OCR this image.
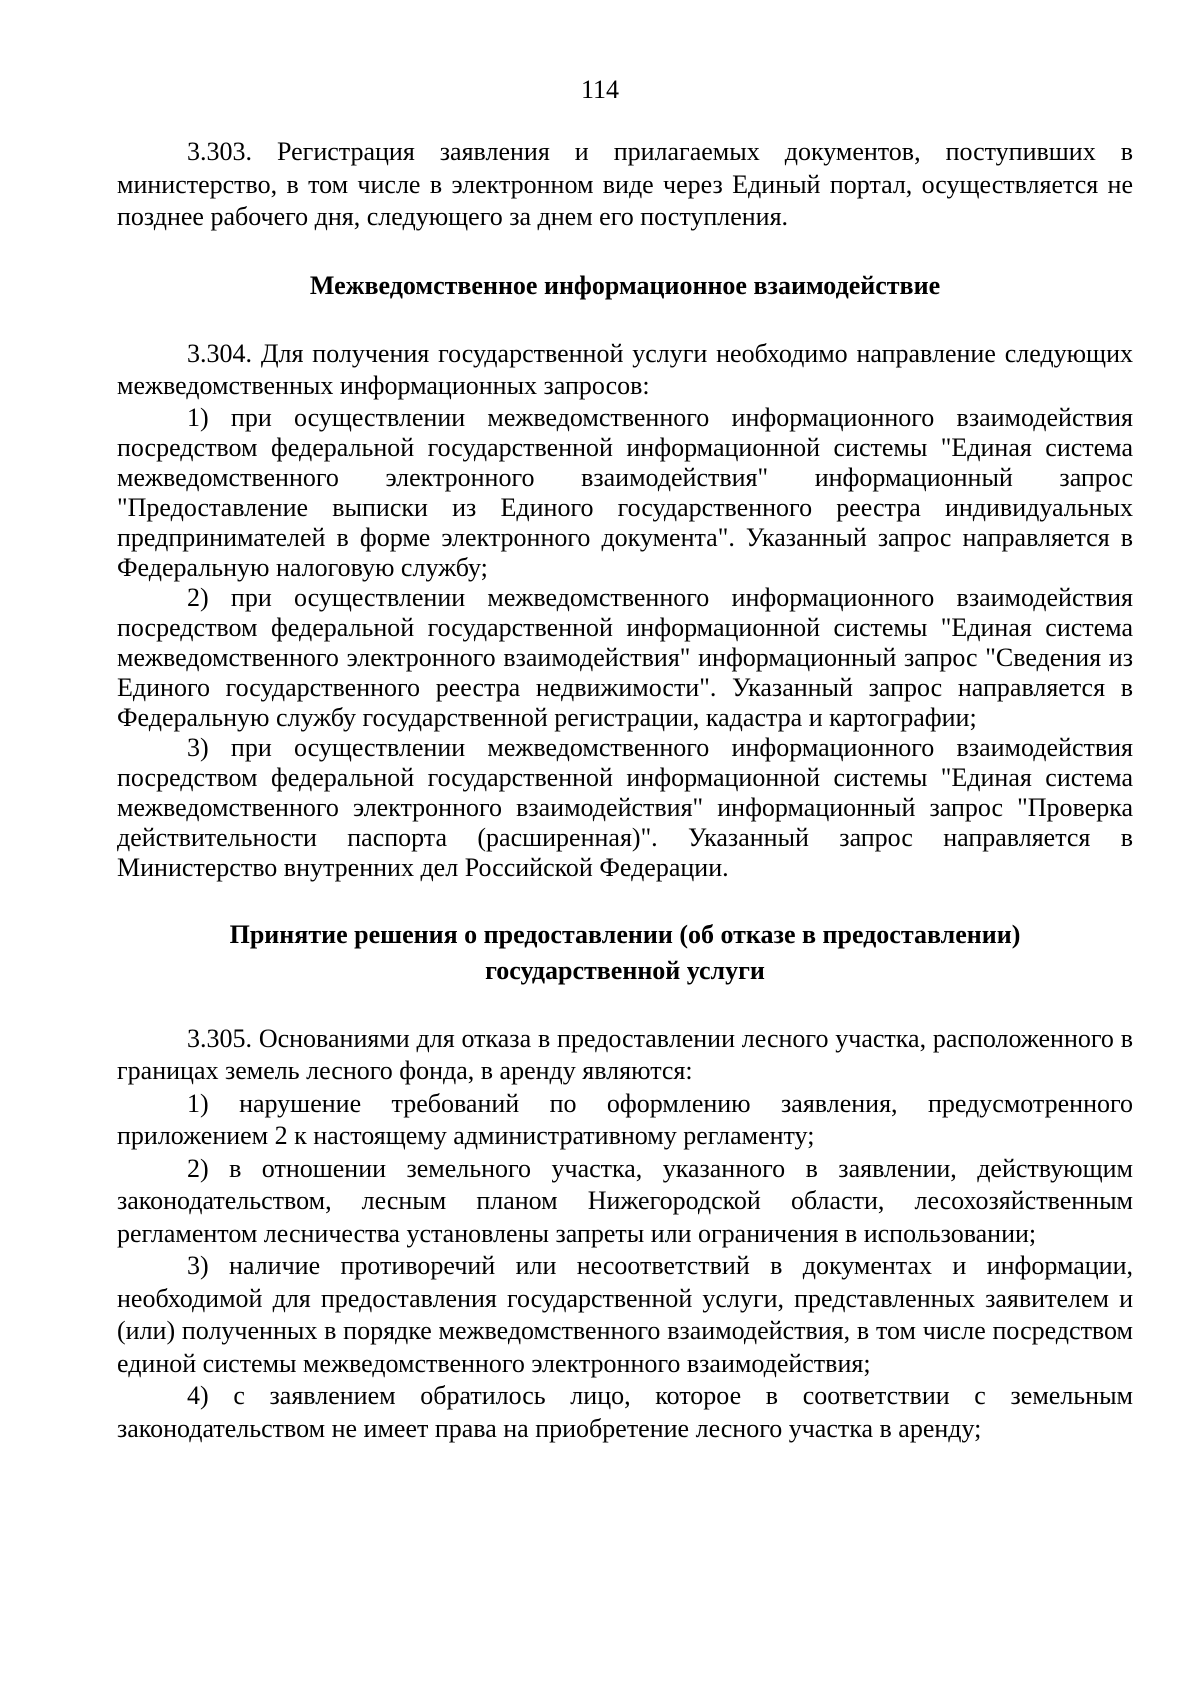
114

3.303. Регистрация заявления и прилагаемых документов, поступивших в министерство, в том числе в электронном виде через Единый портал, осуществляется не позднее рабочего дня, следующего за днем его поступления.

Межведомственное информационное взаимодействие

3.304. Для получения государственной услуги необходимо направление следующих межведомственных информационных запросов:

1) при осуществлении межведомственного информационного взаимодействия посредством федеральной государственной информационной системы "Единая система межведомственного электронного взаимодействия" информационный запрос "Предоставление выписки из Единого государственного реестра индивидуальных предпринимателей в форме электронного документа". Указанный запрос направляется в Федеральную налоговую службу;

2) при осуществлении межведомственного информационного взаимодействия посредством федеральной государственной информационной системы "Единая система межведомственного электронного взаимодействия" информационный запрос "Сведения из Единого государственного реестра недвижимости". Указанный запрос направляется в Федеральную службу государственной регистрации, кадастра и картографии;

3) при осуществлении межведомственного информационного взаимодействия посредством федеральной государственной информационной системы "Единая система межведомственного электронного взаимодействия" информационный запрос "Проверка действительности паспорта (расширенная)". Указанный запрос направляется в Министерство внутренних дел Российской Федерации.

Принятие решения о предоставлении (об отказе в предоставлении)
государственной услуги

3.305. Основаниями для отказа в предоставлении лесного участка, расположенного в границах земель лесного фонда, в аренду являются:

1) нарушение требований по оформлению заявления, предусмотренного приложением 2 к настоящему административному регламенту;

2) в отношении земельного участка, указанного в заявлении, действующим законодательством, лесным планом Нижегородской области, лесохозяйственным регламентом лесничества установлены запреты или ограничения в использовании;

3) наличие противоречий или несоответствий в документах и информации, необходимой для предоставления государственной услуги, представленных заявителем и (или) полученных в порядке межведомственного взаимодействия, в том числе посредством единой системы межведомственного электронного взаимодействия;

4) с заявлением обратилось лицо, которое в соответствии с земельным законодательством не имеет права на приобретение лесного участка в аренду;
